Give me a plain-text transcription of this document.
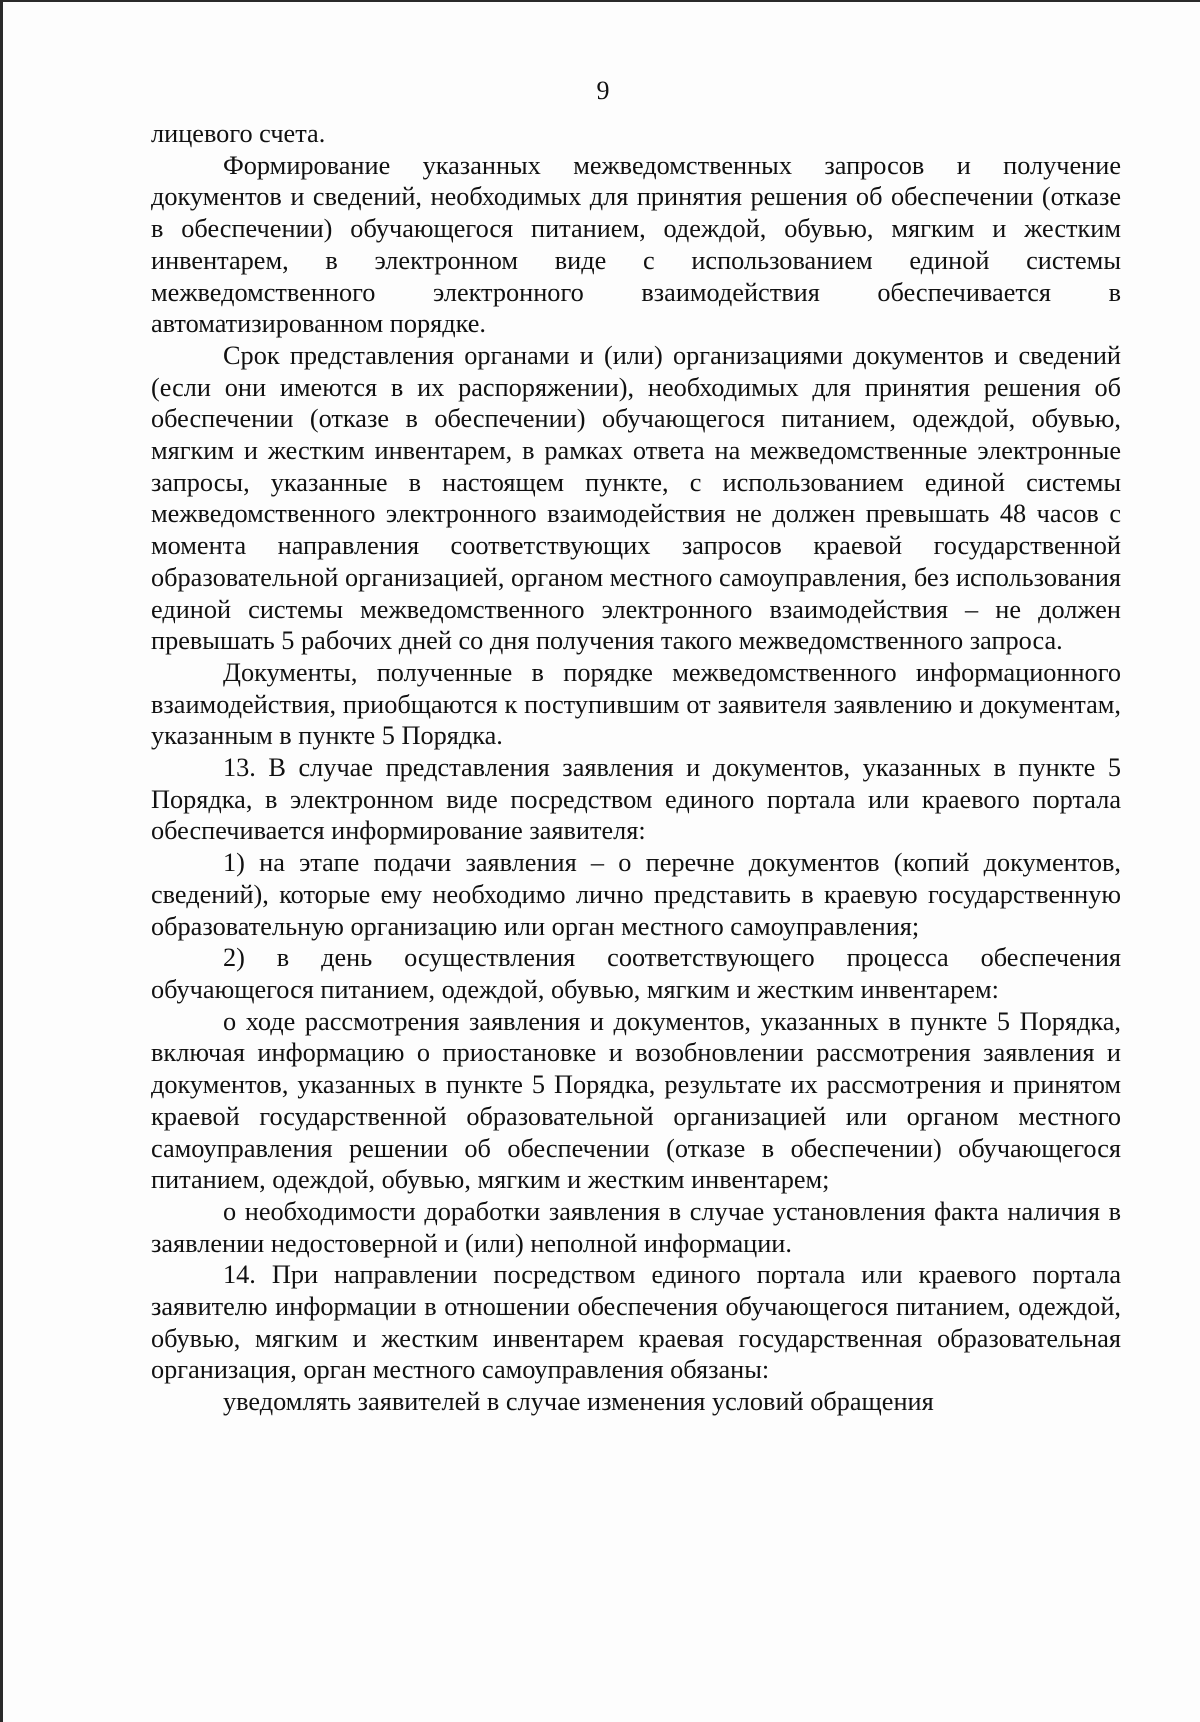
9

лицевого счета.

Формирование указанных межведомственных запросов и получение документов и сведений, необходимых для принятия решения об обеспечении (отказе в обеспечении) обучающегося питанием, одеждой, обувью, мягким и жестким инвентарем, в электронном виде с использованием единой системы межведомственного электронного взаимодействия обеспечивается в автоматизированном порядке.

Срок представления органами и (или) организациями документов и сведений (если они имеются в их распоряжении), необходимых для принятия решения об обеспечении (отказе в обеспечении) обучающегося питанием, одеждой, обувью, мягким и жестким инвентарем, в рамках ответа на межведомственные электронные запросы, указанные в настоящем пункте, с использованием единой системы межведомственного электронного взаимодействия не должен превышать 48 часов с момента направления соответствующих запросов краевой государственной образовательной организацией, органом местного самоуправления, без использования единой системы межведомственного электронного взаимодействия – не должен превышать 5 рабочих дней со дня получения такого межведомственного запроса.

Документы, полученные в порядке межведомственного информационного взаимодействия, приобщаются к поступившим от заявителя заявлению и документам, указанным в пункте 5 Порядка.

13. В случае представления заявления и документов, указанных в пункте 5 Порядка, в электронном виде посредством единого портала или краевого портала обеспечивается информирование заявителя:

1) на этапе подачи заявления – о перечне документов (копий документов, сведений), которые ему необходимо лично представить в краевую государственную образовательную организацию или орган местного самоуправления;

2) в день осуществления соответствующего процесса обеспечения обучающегося питанием, одеждой, обувью, мягким и жестким инвентарем:

о ходе рассмотрения заявления и документов, указанных в пункте 5 Порядка, включая информацию о приостановке и возобновлении рассмотрения заявления и документов, указанных в пункте 5 Порядка, результате их рассмотрения и принятом краевой государственной образовательной организацией или органом местного самоуправления решении об обеспечении (отказе в обеспечении) обучающегося питанием, одеждой, обувью, мягким и жестким инвентарем;

о необходимости доработки заявления в случае установления факта наличия в заявлении недостоверной и (или) неполной информации.

14. При направлении посредством единого портала или краевого портала заявителю информации в отношении обеспечения обучающегося питанием, одеждой, обувью, мягким и жестким инвентарем краевая государственная образовательная организация, орган местного самоуправления обязаны:

уведомлять заявителей в случае изменения условий обращения
